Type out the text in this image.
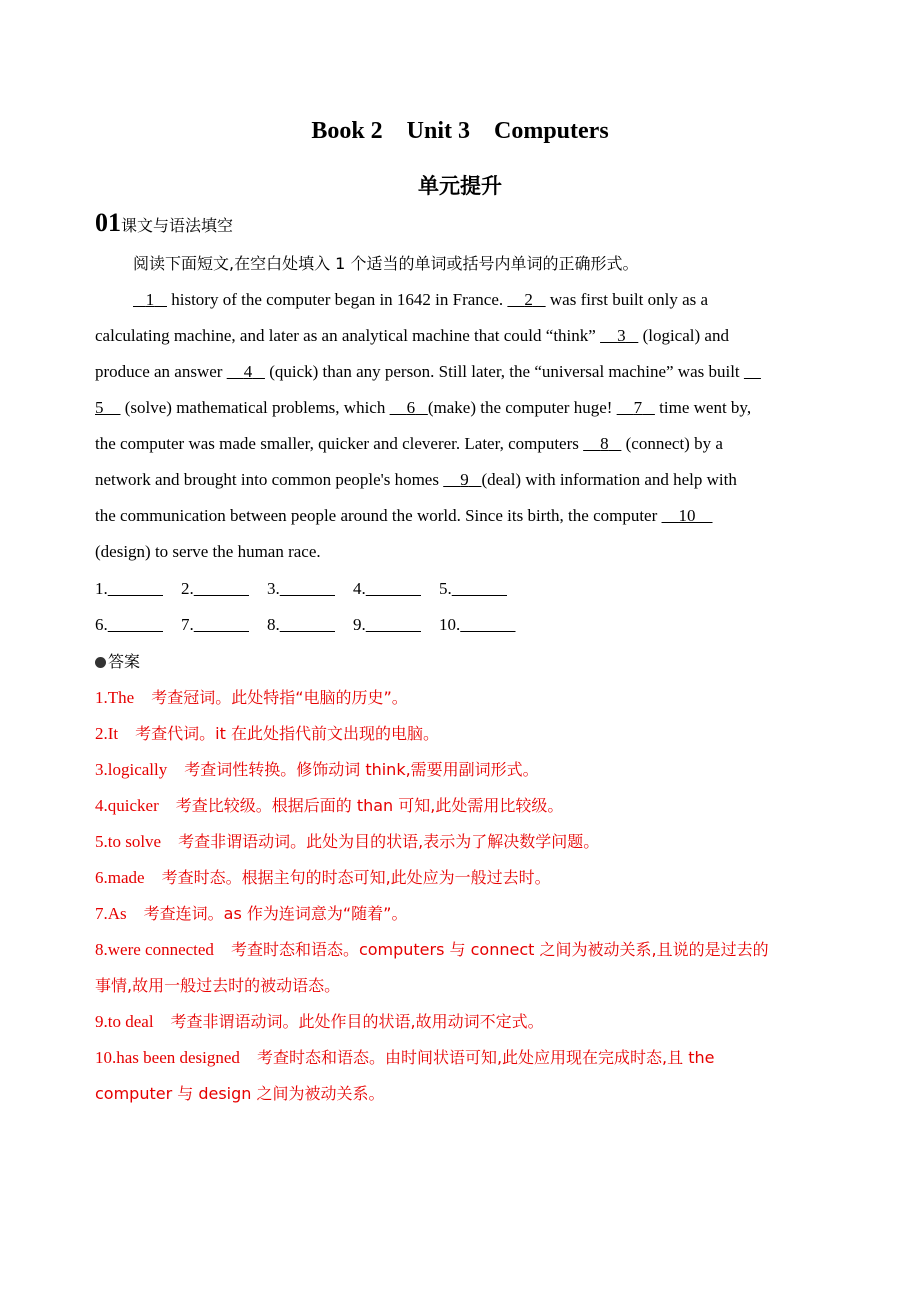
Book 2    Unit 3    Computers
单元提升
01课文与语法填空
阅读下面短文,在空白处填入 1 个适当的单词或括号内单词的正确形式。
1    history of the computer began in 1642 in France.     2    was first built only as a
calculating machine, and later as an analytical machine that could “think”     3    (logical) and
produce an answer     4    (quick) than any person. Still later, the “universal machine” was built
5     (solve) mathematical problems, which     6 (make) the computer huge!     7    time went by,
the computer was made smaller, quicker and cleverer. Later, computers     8    (connect) by a
network and brought into common people's homes     9 (deal) with information and help with
the communication between people around the world. Since its birth, the computer     10
(design) to serve the human race.
1.	2.	3.	4.	5.
6.	7.	8.	9.	10.
答案
1.The 考查冠词。此处特指“电脑的历史”。
2.It 考查代词。it 在此处指代前文出现的电脑。
3.logically 考查词性转换。修饰动词 think,需要用副词形式。
4.quicker 考查比较级。根据后面的 than 可知,此处需用比较级。
5.to solve 考查非谓语动词。此处为目的状语,表示为了解决数学问题。
6.made 考查时态。根据主句的时态可知,此处应为一般过去时。
7.As 考查连词。as 作为连词意为“随着”。
8.were connected 考查时态和语态。computers 与 connect 之间为被动关系,且说的是过去的
事情,故用一般过去时的被动语态。
9.to deal 考查非谓语动词。此处作目的状语,故用动词不定式。
10.has been designed 考查时态和语态。由时间状语可知,此处应用现在完成时态,且 the
computer 与 design 之间为被动关系。
